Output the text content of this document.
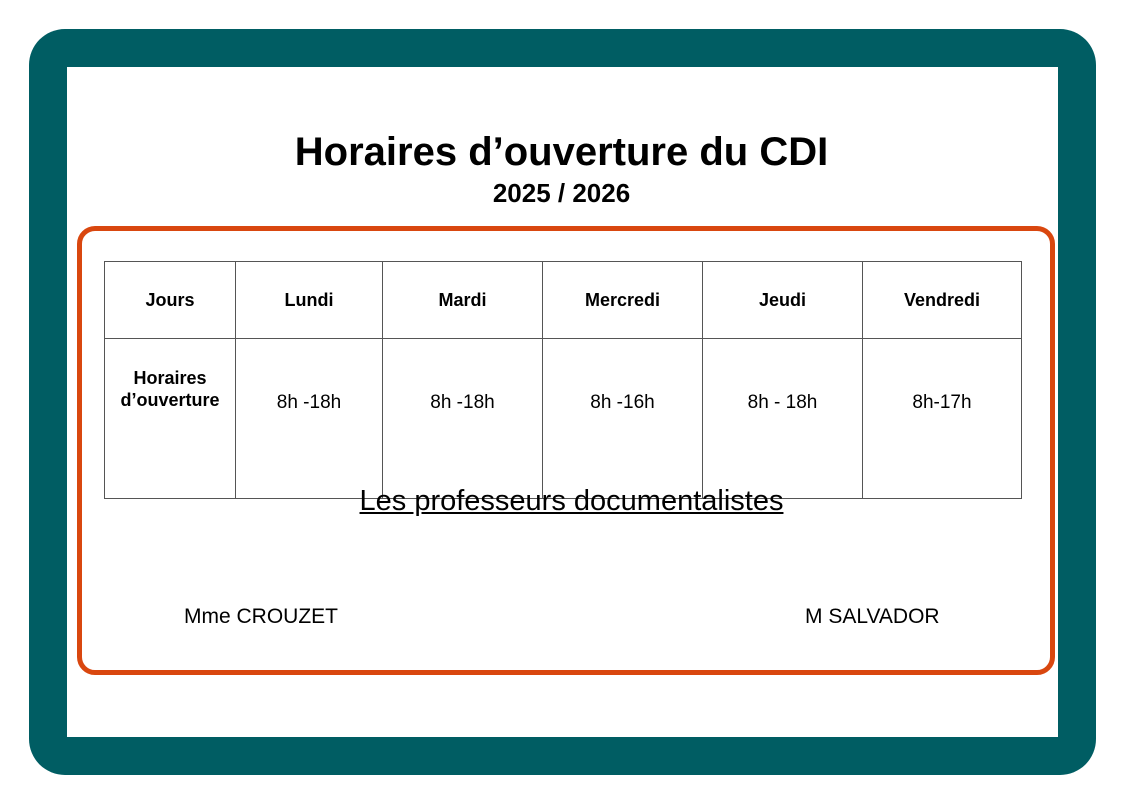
Horaires d’ouverture du CDI
2025 / 2026
Jours	Lundi	Mardi	Mercredi	Jeudi	Vendredi

Horaires
d’ouverture	8h -18h	8h -18h	8h -16h	8h - 18h	8h-17h
Les professeurs documentalistes
Mme CROUZET	M SALVADOR
